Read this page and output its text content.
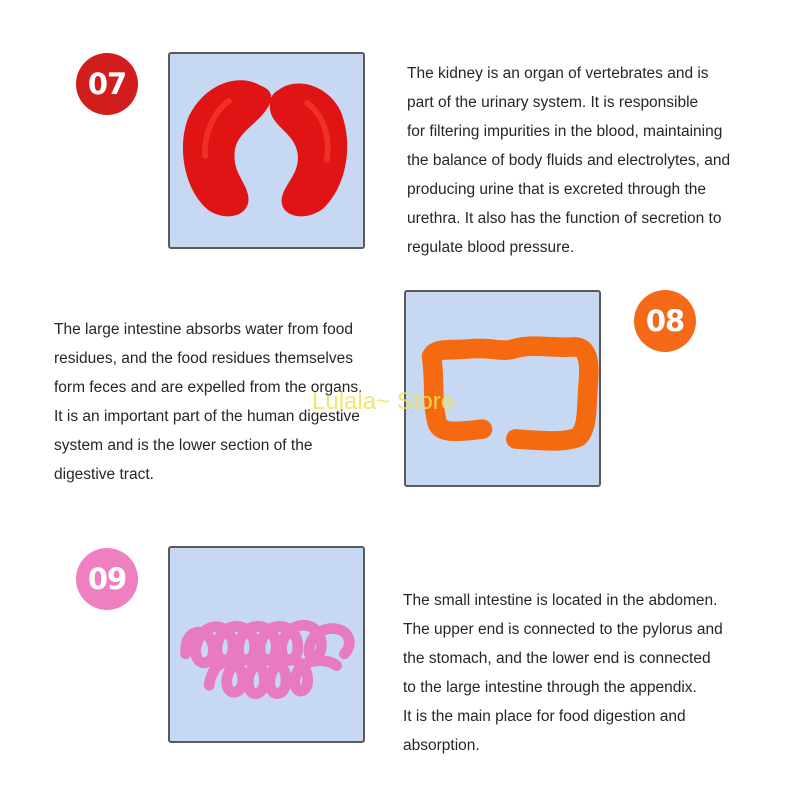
07	The kidney is an organ of vertebrates and is
part of the urinary system. It is responsible
for filtering impurities in the blood, maintaining
the balance of body fluids and electrolytes, and
producing urine that is excreted through the
urethra. It also has the function of secretion to
regulate blood pressure.

The large intestine absorbs water from food
residues, and the food residues themselves
form feces and are expelled from the organs.
It is an important part of the human digestive
system and is the lower section of the
digestive tract.

08
09

The small intestine is located in the abdomen.
The upper end is connected to the pylorus and
the stomach, and the lower end is connected
to the large intestine through the appendix.
It is the main place for food digestion and
absorption.

Lulala~ Store
